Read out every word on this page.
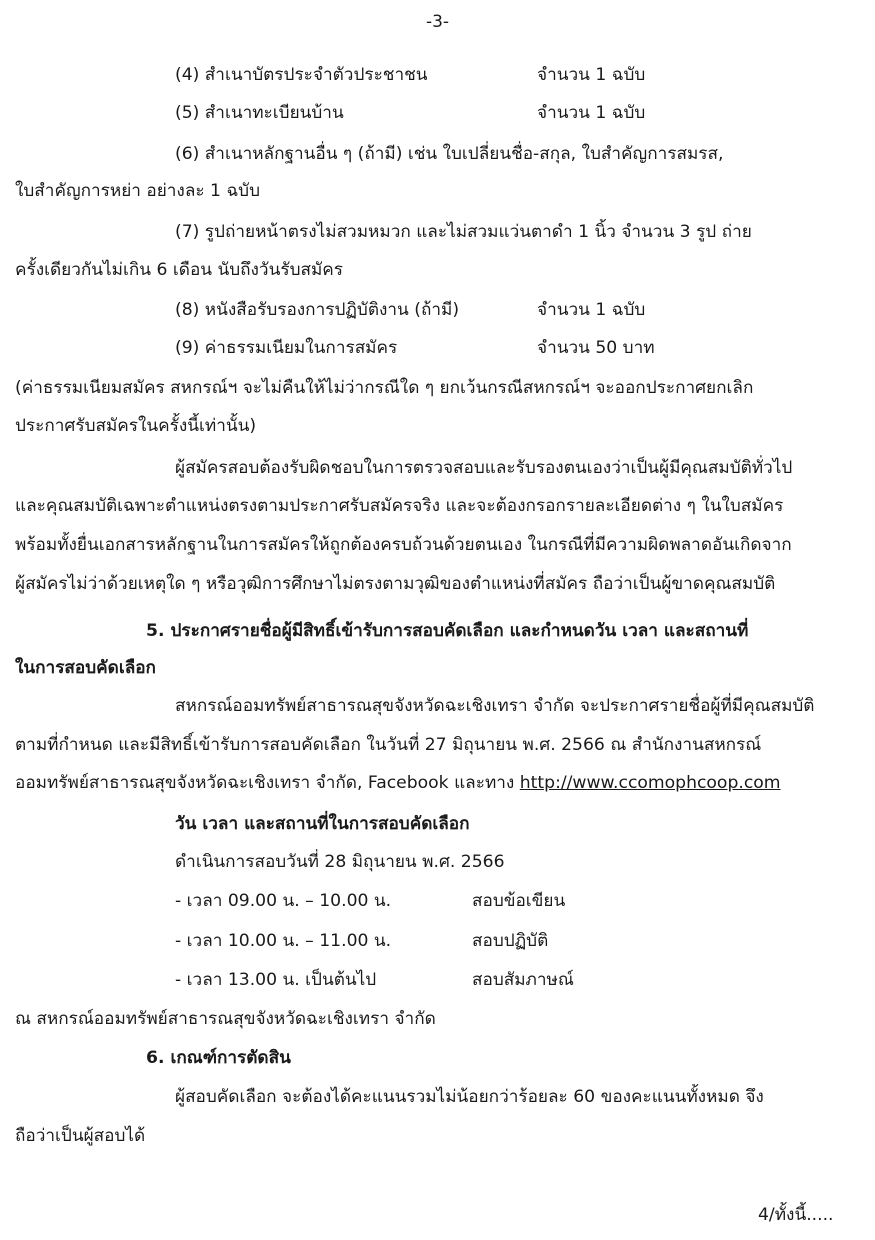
-3-
(4) สำเนาบัตรประจำตัวประชาชน	จำนวน 1 ฉบับ
(5) สำเนาทะเบียนบ้าน	จำนวน 1 ฉบับ
(6) สำเนาหลักฐานอื่น ๆ (ถ้ามี) เช่น ใบเปลี่ยนชื่อ-สกุล, ใบสำคัญการสมรส,
ใบสำคัญการหย่า อย่างละ 1 ฉบับ
(7) รูปถ่ายหน้าตรงไม่สวมหมวก และไม่สวมแว่นตาดำ 1 นิ้ว จำนวน 3 รูป ถ่าย
ครั้งเดียวกันไม่เกิน 6 เดือน นับถึงวันรับสมัคร
(8) หนังสือรับรองการปฏิบัติงาน (ถ้ามี)	จำนวน 1 ฉบับ
(9) ค่าธรรมเนียมในการสมัคร	จำนวน 50 บาท
(ค่าธรรมเนียมสมัคร สหกรณ์ฯ จะไม่คืนให้ไม่ว่ากรณีใด ๆ ยกเว้นกรณีสหกรณ์ฯ จะออกประกาศยกเลิก
ประกาศรับสมัครในครั้งนี้เท่านั้น)
ผู้สมัครสอบต้องรับผิดชอบในการตรวจสอบและรับรองตนเองว่าเป็นผู้มีคุณสมบัติทั่วไป
และคุณสมบัติเฉพาะตำแหน่งตรงตามประกาศรับสมัครจริง และจะต้องกรอกรายละเอียดต่าง ๆ ในใบสมัคร
พร้อมทั้งยื่นเอกสารหลักฐานในการสมัครให้ถูกต้องครบถ้วนด้วยตนเอง ในกรณีที่มีความผิดพลาดอันเกิดจาก
ผู้สมัครไม่ว่าด้วยเหตุใด ๆ หรือวุฒิการศึกษาไม่ตรงตามวุฒิของตำแหน่งที่สมัคร ถือว่าเป็นผู้ขาดคุณสมบัติ
5. ประกาศรายชื่อผู้มีสิทธิ์เข้ารับการสอบคัดเลือก และกำหนดวัน เวลา และสถานที่
ในการสอบคัดเลือก
สหกรณ์ออมทรัพย์สาธารณสุขจังหวัดฉะเชิงเทรา จำกัด จะประกาศรายชื่อผู้ที่มีคุณสมบัติ
ตามที่กำหนด และมีสิทธิ์เข้ารับการสอบคัดเลือก ในวันที่ 27 มิถุนายน พ.ศ. 2566 ณ สำนักงานสหกรณ์
ออมทรัพย์สาธารณสุขจังหวัดฉะเชิงเทรา จำกัด, Facebook และทาง http://www.ccomophcoop.com
วัน เวลา และสถานที่ในการสอบคัดเลือก
ดำเนินการสอบวันที่ 28 มิถุนายน พ.ศ. 2566
- เวลา 09.00 น. – 10.00 น.	สอบข้อเขียน
- เวลา 10.00 น. – 11.00 น.	สอบปฏิบัติ
- เวลา 13.00 น. เป็นต้นไป	สอบสัมภาษณ์
ณ สหกรณ์ออมทรัพย์สาธารณสุขจังหวัดฉะเชิงเทรา จำกัด
6. เกณฑ์การตัดสิน
ผู้สอบคัดเลือก จะต้องได้คะแนนรวมไม่น้อยกว่าร้อยละ 60 ของคะแนนทั้งหมด จึง
ถือว่าเป็นผู้สอบได้
4/ทั้งนี้.....
